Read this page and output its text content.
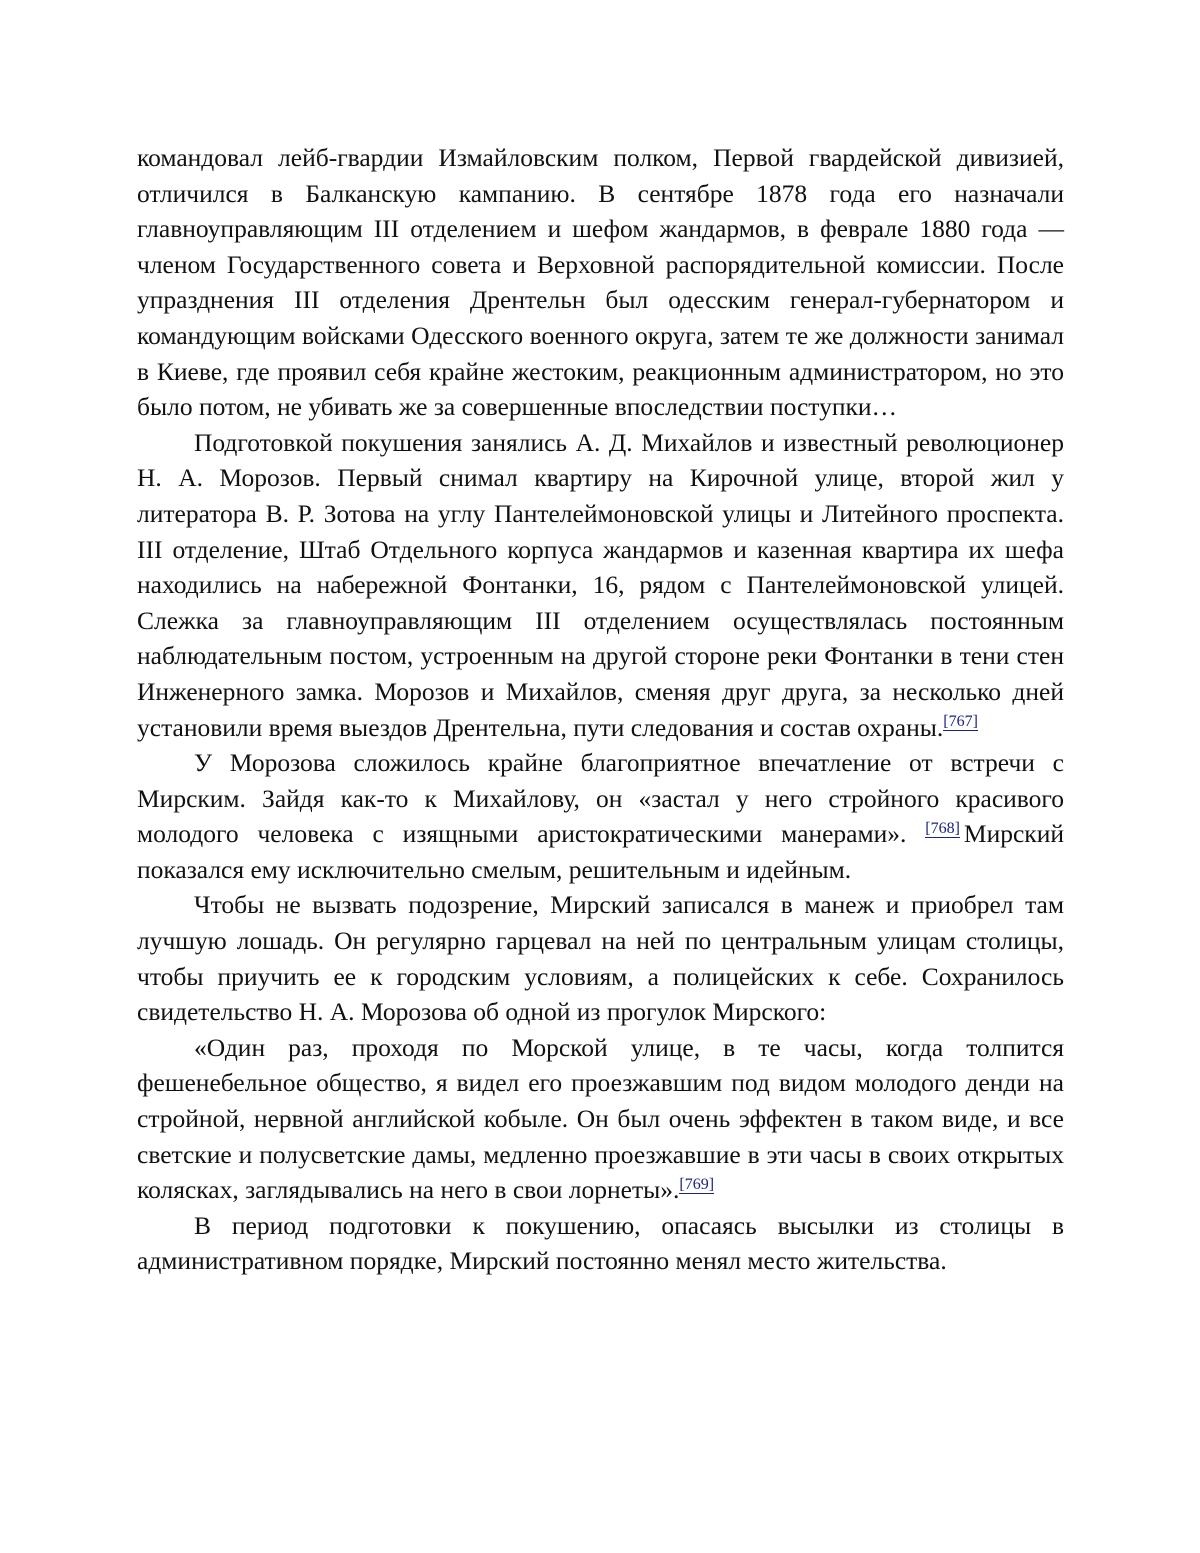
командовал лейб-гвардии Измайловским полком, Первой гвардейской дивизией, отличился в Балканскую кампанию. В сентябре 1878 года его назначали главноуправляющим III отделением и шефом жандармов, в феврале 1880 года — членом Государственного совета и Верховной распорядительной комиссии. После упразднения III отделения Дрентельн был одесским генерал-губернатором и командующим войсками Одесского военного округа, затем те же должности занимал в Киеве, где проявил себя крайне жестоким, реакционным администратором, но это было потом, не убивать же за совершенные впоследствии поступки…

Подготовкой покушения занялись А. Д. Михайлов и известный революционер Н. А. Морозов. Первый снимал квартиру на Кирочной улице, второй жил у литератора В. Р. Зотова на углу Пантелеймоновской улицы и Литейного проспекта. III отделение, Штаб Отдельного корпуса жандармов и казенная квартира их шефа находились на набережной Фонтанки, 16, рядом с Пантелеймоновской улицей. Слежка за главноуправляющим III отделением осуществлялась постоянным наблюдательным постом, устроенным на другой стороне реки Фонтанки в тени стен Инженерного замка. Морозов и Михайлов, сменяя друг друга, за несколько дней установили время выездов Дрентельна, пути следования и состав охраны.[767]

У Морозова сложилось крайне благоприятное впечатление от встречи с Мирским. Зайдя как-то к Михайлову, он «застал у него стройного красивого молодого человека с изящными аристократическими манерами». [768] Мирский показался ему исключительно смелым, решительным и идейным.

Чтобы не вызвать подозрение, Мирский записался в манеж и приобрел там лучшую лошадь. Он регулярно гарцевал на ней по центральным улицам столицы, чтобы приучить ее к городским условиям, а полицейских к себе. Сохранилось свидетельство Н. А. Морозова об одной из прогулок Мирского:

«Один раз, проходя по Морской улице, в те часы, когда толпится фешенебельное общество, я видел его проезжавшим под видом молодого денди на стройной, нервной английской кобыле. Он был очень эффектен в таком виде, и все светские и полусветские дамы, медленно проезжавшие в эти часы в своих открытых колясках, заглядывались на него в свои лорнеты».[769]

В период подготовки к покушению, опасаясь высылки из столицы в административном порядке, Мирский постоянно менял место жительства.
